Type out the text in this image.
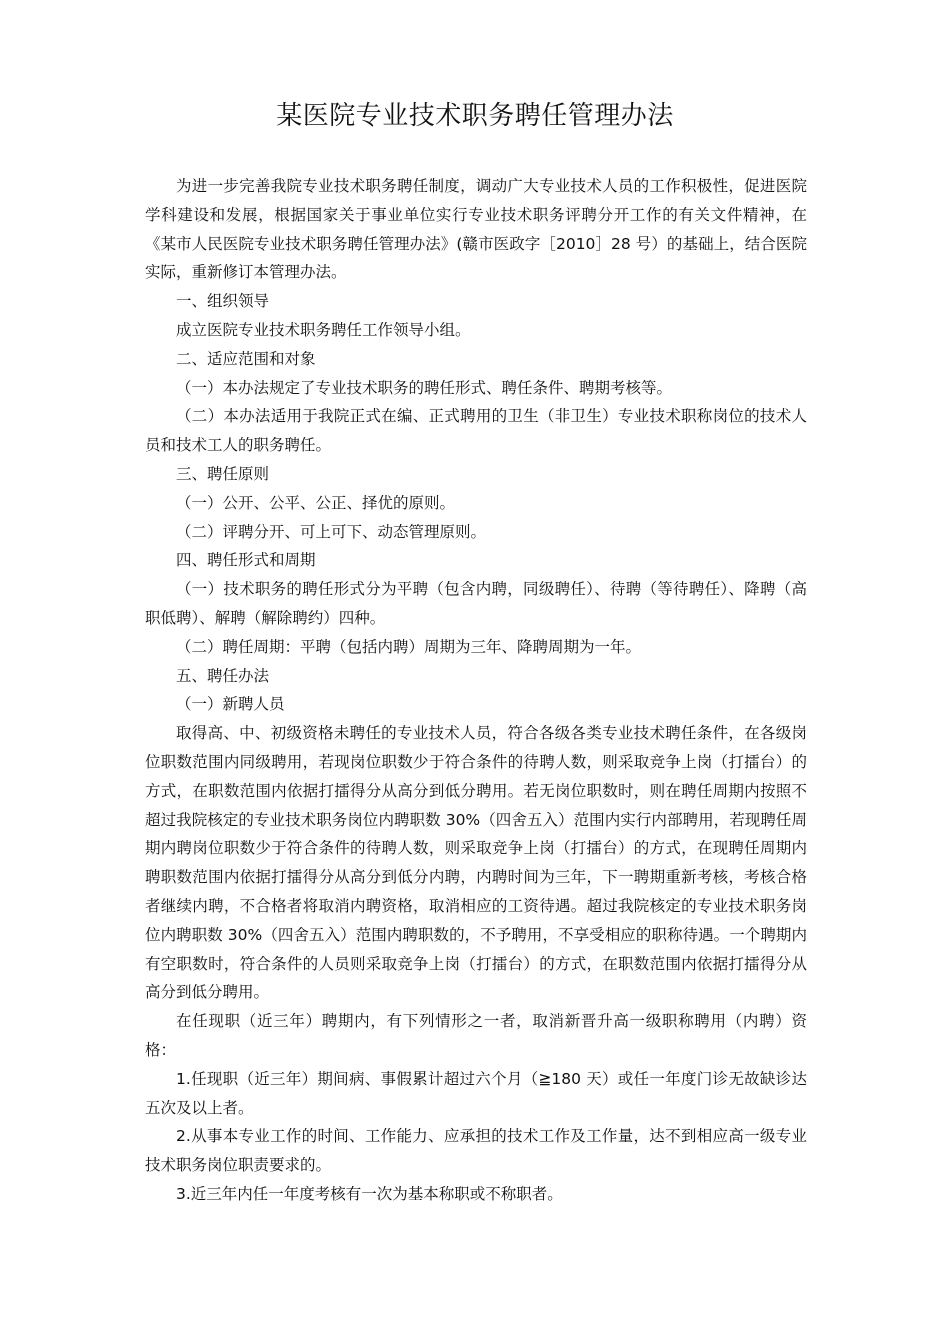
某医院专业技术职务聘任管理办法

为进一步完善我院专业技术职务聘任制度，调动广大专业技术人员的工作积极性，促进医院学科建设和发展，根据国家关于事业单位实行专业技术职务评聘分开工作的有关文件精神，在《某市人民医院专业技术职务聘任管理办法》(赣市医政字［2010］28 号）的基础上，结合医院实际，重新修订本管理办法。

一、组织领导

成立医院专业技术职务聘任工作领导小组。

二、适应范围和对象

（一）本办法规定了专业技术职务的聘任形式、聘任条件、聘期考核等。

（二）本办法适用于我院正式在编、正式聘用的卫生（非卫生）专业技术职称岗位的技术人员和技术工人的职务聘任。

三、聘任原则

（一）公开、公平、公正、择优的原则。

（二）评聘分开、可上可下、动态管理原则。

四、聘任形式和周期

（一）技术职务的聘任形式分为平聘（包含内聘，同级聘任）、待聘（等待聘任）、降聘（高职低聘）、解聘（解除聘约）四种。

（二）聘任周期：平聘（包括内聘）周期为三年、降聘周期为一年。

五、聘任办法

（一）新聘人员

取得高、中、初级资格未聘任的专业技术人员，符合各级各类专业技术聘任条件，在各级岗位职数范围内同级聘用，若现岗位职数少于符合条件的待聘人数，则采取竞争上岗（打擂台）的方式，在职数范围内依据打擂得分从高分到低分聘用。若无岗位职数时，则在聘任周期内按照不超过我院核定的专业技术职务岗位内聘职数 30%（四舍五入）范围内实行内部聘用，若现聘任周期内聘岗位职数少于符合条件的待聘人数，则采取竞争上岗（打擂台）的方式，在现聘任周期内聘职数范围内依据打擂得分从高分到低分内聘，内聘时间为三年，下一聘期重新考核，考核合格者继续内聘，不合格者将取消内聘资格，取消相应的工资待遇。超过我院核定的专业技术职务岗位内聘职数 30%（四舍五入）范围内聘职数的，不予聘用，不享受相应的职称待遇。一个聘期内有空职数时，符合条件的人员则采取竞争上岗（打擂台）的方式，在职数范围内依据打擂得分从高分到低分聘用。

在任现职（近三年）聘期内，有下列情形之一者，取消新晋升高一级职称聘用（内聘）资格：

1.任现职（近三年）期间病、事假累计超过六个月（≧180 天）或任一年度门诊无故缺诊达五次及以上者。

2.从事本专业工作的时间、工作能力、应承担的技术工作及工作量，达不到相应高一级专业技术职务岗位职责要求的。

3.近三年内任一年度考核有一次为基本称职或不称职者。
